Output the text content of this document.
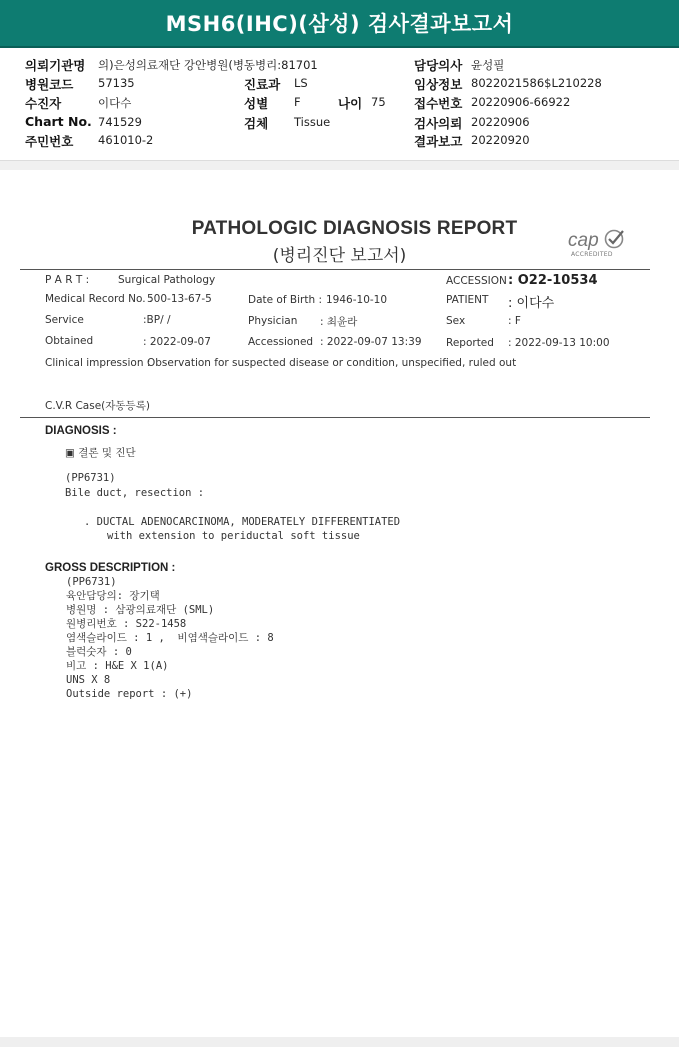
MSH6(IHC)(삼성) 검사결과보고서
의뢰기관명 의)은성의료재단 강안병원(병동병리:81701
병원코드 57135
수진자	이다수
Chart No. 741529
주민번호 461010-2
진료과 LS
성별 F	나이 75
검체 Tissue
담당의사 윤성필
임상정보 8022021586$L210228
접수번호 20220906-66922
검사의뢰 20220906
결과보고 20220920
PATHOLOGIC DIAGNOSIS REPORT
(병리진단 보고서)
cap
ACCREDITED
P A R T :	Surgical Pathology	ACCESSION : O22-10534
Medical Record No. :
500-13-67-5	Date of Birth : 1946-10-10	PATIENT : 이다수
Service	:BP/ /	Physician : 최윤라	Sex	: F
Obtained	: 2022-09-07	Accessioned : 2022-09-07 13:39 Reported : 2022-09-13 10:00
Clinical impression :
Observation for suspected disease or condition, unspecified, ruled out
C.V.R Case(자동등록)
DIAGNOSIS :
▣ 결론 및 진단
(PP6731)
Bile duct, resection :
. DUCTAL ADENOCARCINOMA, MODERATELY DIFFERENTIATED
with extension to periductal soft tissue
GROSS DESCRIPTION :
(PP6731)
육안담당의: 장기택
병원명 : 삼광의료재단 (SML)
원병리번호 : S22-1458
염색슬라이드 : 1 ,  비염색슬라이드 : 8
블럭숫자 : 0
비고 : H&E X 1(A)
UNS X 8
Outside report : (+)
